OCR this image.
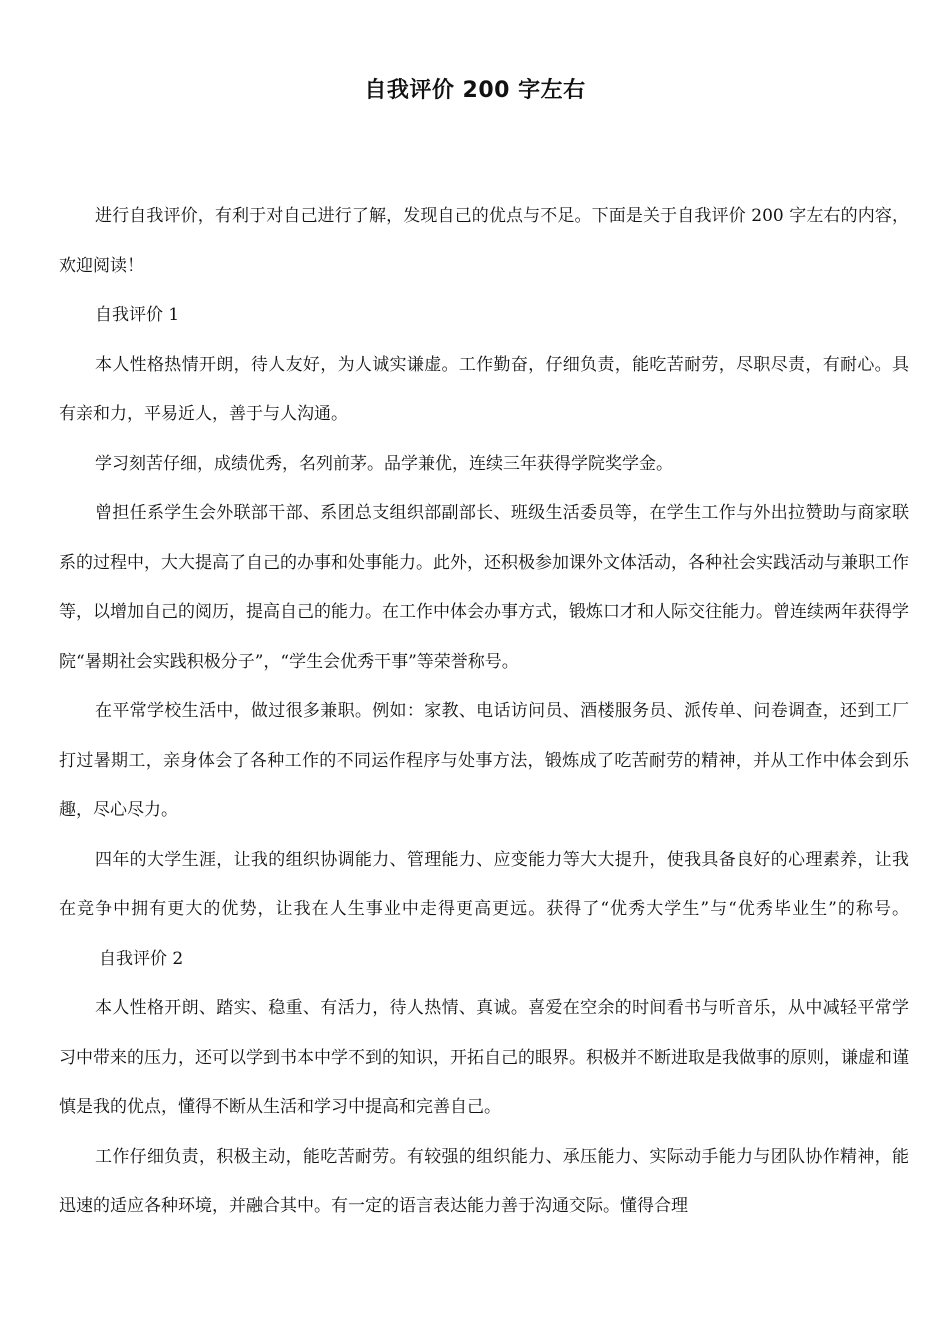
自我评价 200 字左右

进行自我评价，有利于对自己进行了解，发现自己的优点与不足。下面是关于自我评价 200 字左右的内容，欢迎阅读！

自我评价 1

本人性格热情开朗，待人友好，为人诚实谦虚。工作勤奋，仔细负责，能吃苦耐劳，尽职尽责，有耐心。具有亲和力，平易近人，善于与人沟通。

学习刻苦仔细，成绩优秀，名列前茅。品学兼优，连续三年获得学院奖学金。

曾担任系学生会外联部干部、系团总支组织部副部长、班级生活委员等，在学生工作与外出拉赞助与商家联系的过程中，大大提高了自己的办事和处事能力。此外，还积极参加课外文体活动，各种社会实践活动与兼职工作等，以增加自己的阅历，提高自己的能力。在工作中体会办事方式，锻炼口才和人际交往能力。曾连续两年获得学院“暑期社会实践积极分子”，“学生会优秀干事”等荣誉称号。

在平常学校生活中，做过很多兼职。例如：家教、电话访问员、酒楼服务员、派传单、问卷调查，还到工厂打过暑期工，亲身体会了各种工作的不同运作程序与处事方法，锻炼成了吃苦耐劳的精神，并从工作中体会到乐趣，尽心尽力。

四年的大学生涯，让我的组织协调能力、管理能力、应变能力等大大提升，使我具备良好的心理素养，让我在竞争中拥有更大的优势，让我在人生事业中走得更高更远。获得了“优秀大学生”与“优秀毕业生”的称号。自我评价 2

本人性格开朗、踏实、稳重、有活力，待人热情、真诚。喜爱在空余的时间看书与听音乐，从中减轻平常学习中带来的压力，还可以学到书本中学不到的知识，开拓自己的眼界。积极并不断进取是我做事的原则，谦虚和谨慎是我的优点，懂得不断从生活和学习中提高和完善自己。

工作仔细负责，积极主动，能吃苦耐劳。有较强的组织能力、承压能力、实际动手能力与团队协作精神，能迅速的适应各种环境，并融合其中。有一定的语言表达能力善于沟通交际。懂得合理
